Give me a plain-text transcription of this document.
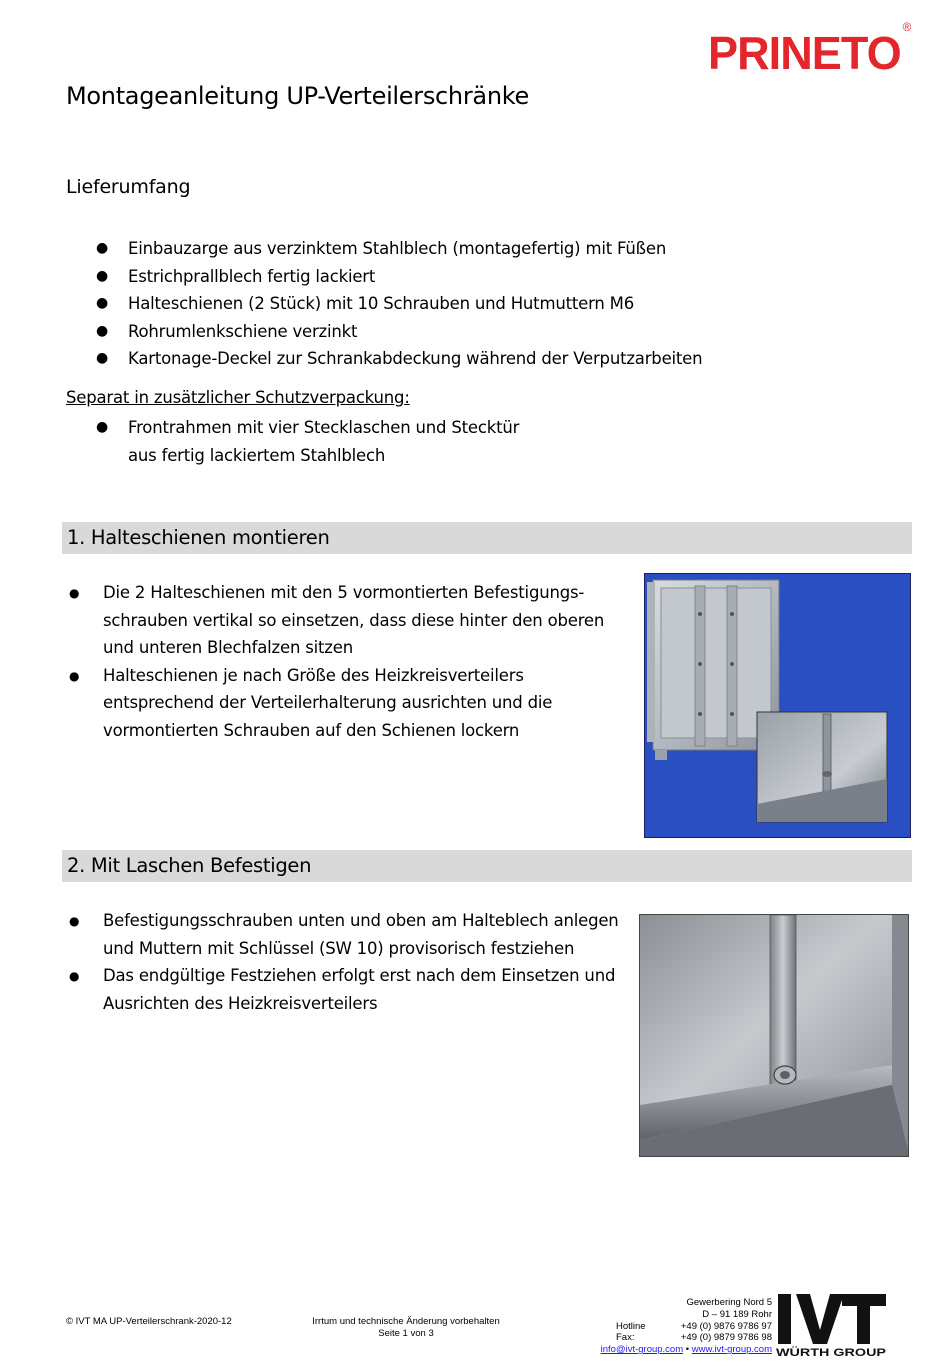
PRINETO®
Montageanleitung UP-Verteilerschränke
Lieferumfang
● Einbauzarge aus verzinktem Stahlblech (montagefertig) mit Füßen
● Estrichprallblech fertig lackiert
● Halteschienen (2 Stück) mit 10 Schrauben und Hutmuttern M6
● Rohrumlenkschiene verzinkt
● Kartonage-Deckel zur Schrankabdeckung während der Verputzarbeiten
Separat in zusätzlicher Schutzverpackung:
● Frontrahmen mit vier Stecklaschen und Stecktür
aus fertig lackiertem Stahlblech
1. Halteschienen montieren
● Die 2 Halteschienen mit den 5 vormontierten Befestigungs-schrauben vertikal so einsetzen, dass diese hinter den oberen und unteren Blechfalzen sitzen
● Halteschienen je nach Größe des Heizkreisverteilers entsprechend der Verteilerhalterung ausrichten und die vormontierten Schrauben auf den Schienen lockern
2. Mit Laschen Befestigen
● Befestigungsschrauben unten und oben am Halteblech anlegen und Muttern mit Schlüssel (SW 10) provisorisch festziehen
● Das endgültige Festziehen erfolgt erst nach dem Einsetzen und Ausrichten des Heizkreisverteilers
© IVT MA UP-Verteilerschrank-2020-12	Irrtum und technische Änderung vorbehalten
Seite 1 von 3
Gewerbering Nord 5
D – 91 189 Rohr
Hotline	+49 (0) 9876 9786 97
Fax:	+49 (0) 9879 9786 98
info@ivt-group.com • www.ivt-group.com WÜRTH GROUP
